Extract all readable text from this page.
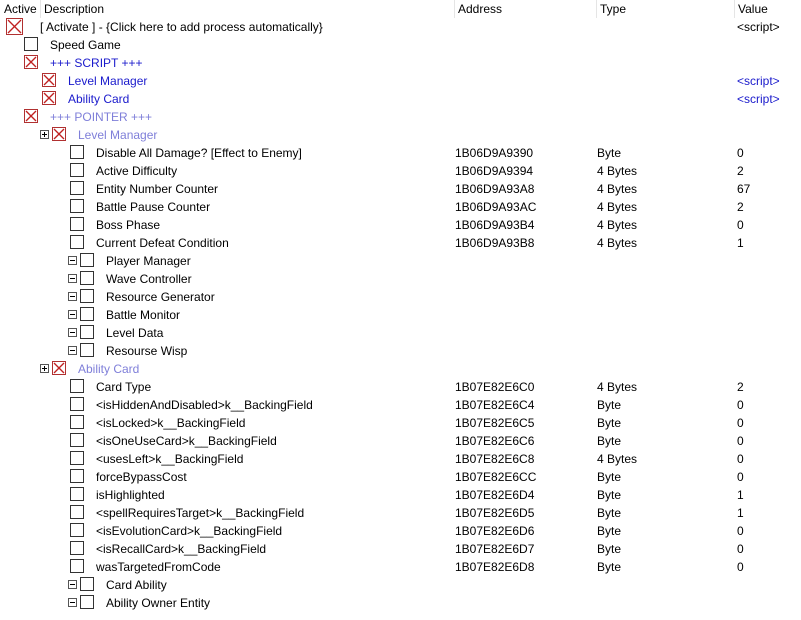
Active Description	Address	Type	Value
[ Activate ] - {Click here to add process automatically}	<script>
Speed Game
+++ SCRIPT +++
Level Manager	<script>
Ability Card	<script>
+++ POINTER +++
Level Manager
Disable All Damage? [Effect to Enemy]	1B06D9A9390	Byte	0
Active Difficulty	1B06D9A9394	4 Bytes	2
Entity Number Counter	1B06D9A93A8	4 Bytes	67
Battle Pause Counter	1B06D9A93AC	4 Bytes	2
Boss Phase	1B06D9A93B4	4 Bytes	0
Current Defeat Condition	1B06D9A93B8	4 Bytes	1
Player Manager
Wave Controller
Resource Generator
Battle Monitor
Level Data
Resourse Wisp
Ability Card
Card Type	1B07E82E6C0	4 Bytes	2
<isHiddenAndDisabled>k__BackingField	1B07E82E6C4	Byte	0
<isLocked>k__BackingField	1B07E82E6C5	Byte	0
<isOneUseCard>k__BackingField	1B07E82E6C6	Byte	0
<usesLeft>k__BackingField	1B07E82E6C8	4 Bytes	0
forceBypassCost	1B07E82E6CC	Byte	0
isHighlighted	1B07E82E6D4	Byte	1
<spellRequiresTarget>k__BackingField	1B07E82E6D5	Byte	1
<isEvolutionCard>k__BackingField	1B07E82E6D6	Byte	0
<isRecallCard>k__BackingField	1B07E82E6D7	Byte	0
wasTargetedFromCode	1B07E82E6D8	Byte	0
Card Ability
Ability Owner Entity
